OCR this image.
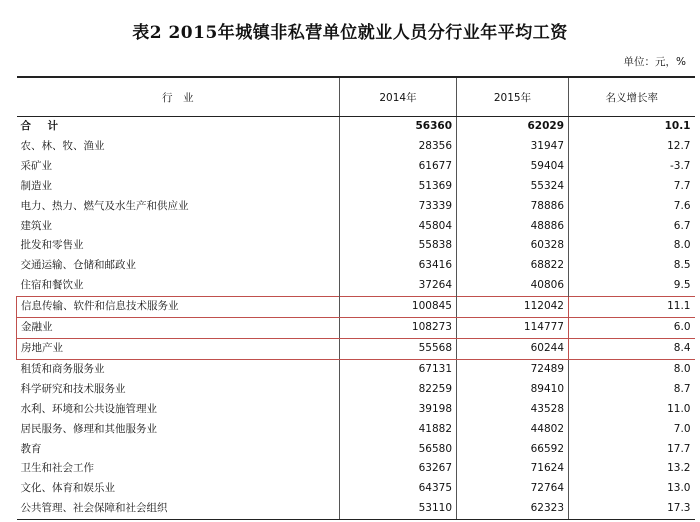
表2 2015年城镇非私营单位就业人员分行业年平均工资
单位：元，%
行　业	2014年	2015年	名义增长率
合　计	56360	62029	10.1
农、林、牧、渔业	28356	31947	12.7
采矿业	61677	59404	-3.7
制造业	51369	55324	7.7
电力、热力、燃气及水生产和供应业	73339	78886	7.6
建筑业	45804	48886	6.7
批发和零售业	55838	60328	8.0
交通运输、仓储和邮政业	63416	68822	8.5
住宿和餐饮业	37264	40806	9.5
信息传输、软件和信息技术服务业	100845	112042	11.1
金融业	108273	114777	6.0
房地产业	55568	60244	8.4
租赁和商务服务业	67131	72489	8.0
科学研究和技术服务业	82259	89410	8.7
水利、环境和公共设施管理业	39198	43528	11.0
居民服务、修理和其他服务业	41882	44802	7.0
教育	56580	66592	17.7
卫生和社会工作	63267	71624	13.2
文化、体育和娱乐业	64375	72764	13.0
公共管理、社会保障和社会组织	53110	62323	17.3
